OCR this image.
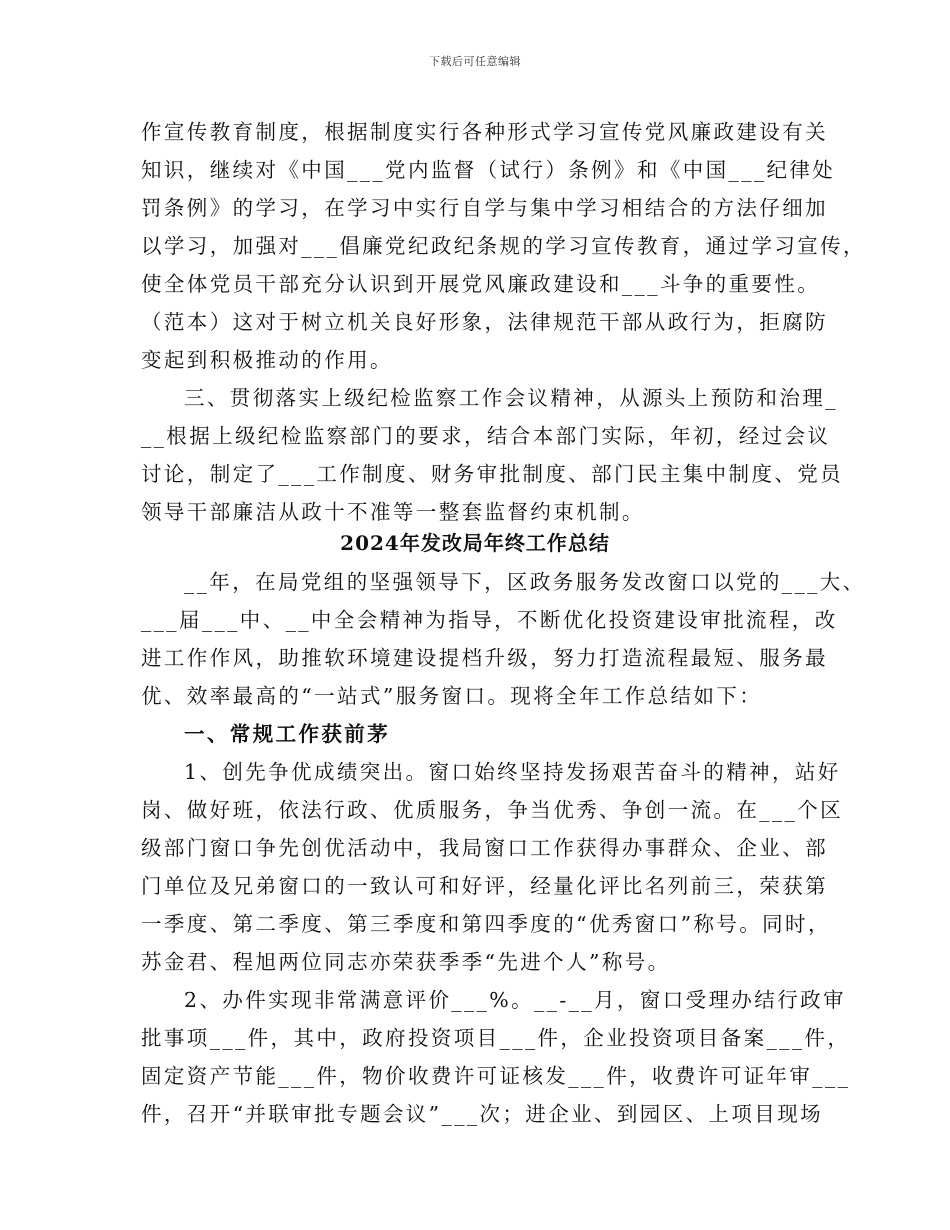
下载后可任意编辑
作宣传教育制度，根据制度实行各种形式学习宣传党风廉政建设有关
知识，继续对《中国___党内监督（试行）条例》和《中国___纪律处
罚条例》的学习，在学习中实行自学与集中学习相结合的方法仔细加
以学习，加强对___倡廉党纪政纪条规的学习宣传教育，通过学习宣传，
使全体党员干部充分认识到开展党风廉政建设和___斗争的重要性。
（范本）这对于树立机关良好形象，法律规范干部从政行为，拒腐防
变起到积极推动的作用。
三、贯彻落实上级纪检监察工作会议精神，从源头上预防和治理_
__根据上级纪检监察部门的要求，结合本部门实际，年初，经过会议
讨论，制定了___工作制度、财务审批制度、部门民主集中制度、党员
领导干部廉洁从政十不准等一整套监督约束机制。
2024年发改局年终工作总结
__年，在局党组的坚强领导下，区政务服务发改窗口以党的___大、
___届___中、__中全会精神为指导，不断优化投资建设审批流程，改
进工作作风，助推软环境建设提档升级，努力打造流程最短、服务最
优、效率最高的“一站式”服务窗口。现将全年工作总结如下：
一、常规工作获前茅
1、创先争优成绩突出。窗口始终坚持发扬艰苦奋斗的精神，站好
岗、做好班，依法行政、优质服务，争当优秀、争创一流。在___个区
级部门窗口争先创优活动中，我局窗口工作获得办事群众、企业、部
门单位及兄弟窗口的一致认可和好评，经量化评比名列前三，荣获第
一季度、第二季度、第三季度和第四季度的“优秀窗口”称号。同时，
苏金君、程旭两位同志亦荣获季季“先进个人”称号。
2、办件实现非常满意评价___%。__-__月，窗口受理办结行政审
批事项___件，其中，政府投资项目___件，企业投资项目备案___件，
固定资产节能___件，物价收费许可证核发___件，收费许可证年审___
件，召开“并联审批专题会议”___次；进企业、到园区、上项目现场
